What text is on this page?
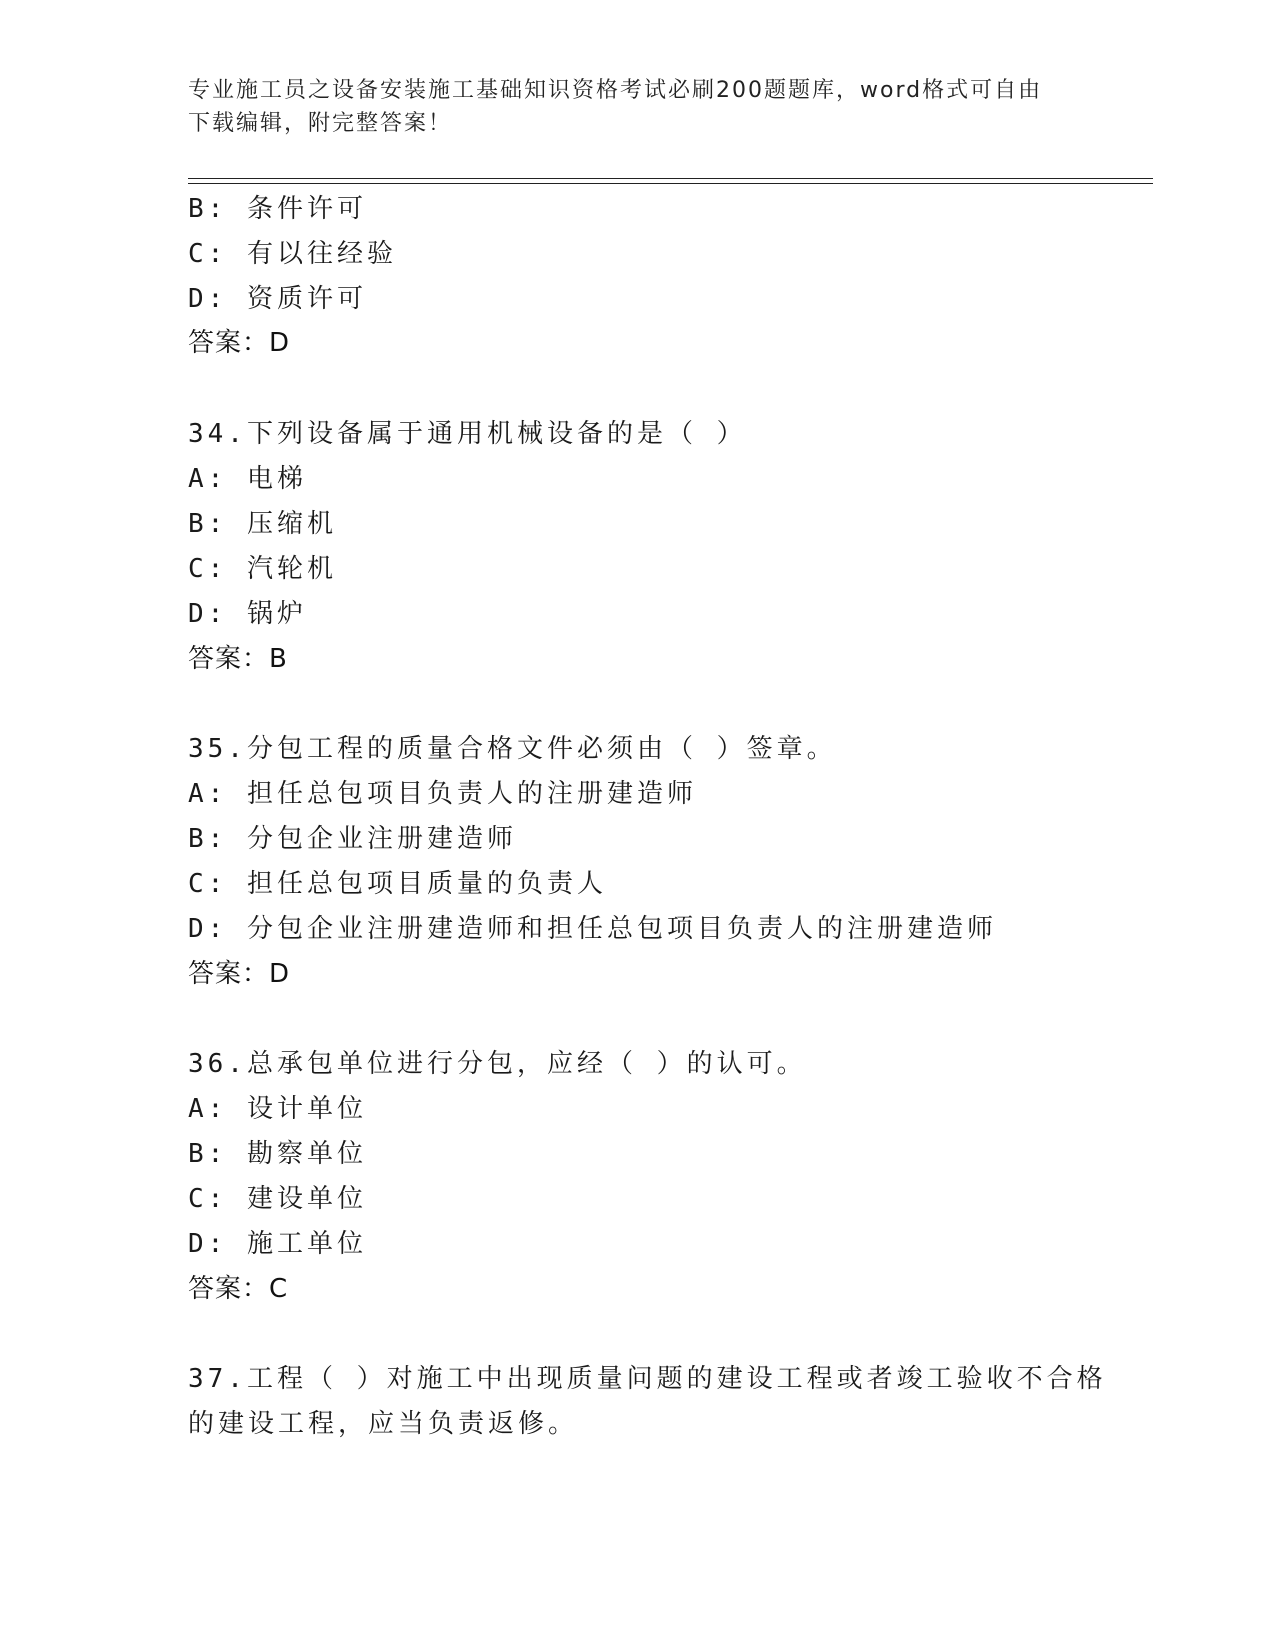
专业施工员之设备安装施工基础知识资格考试必刷200题题库，word格式可自由
下载编辑，附完整答案！
B: 条件许可
C: 有以往经验
D: 资质许可
答案：D
34.下列设备属于通用机械设备的是（ ）
A: 电梯
B: 压缩机
C: 汽轮机
D: 锅炉
答案：B
35.分包工程的质量合格文件必须由（ ）签章。
A: 担任总包项目负责人的注册建造师
B: 分包企业注册建造师
C: 担任总包项目质量的负责人
D: 分包企业注册建造师和担任总包项目负责人的注册建造师
答案：D
36.总承包单位进行分包，应经（ ）的认可。
A: 设计单位
B: 勘察单位
C: 建设单位
D: 施工单位
答案：C
37.工程（ ）对施工中出现质量问题的建设工程或者竣工验收不合格
的建设工程，应当负责返修。
